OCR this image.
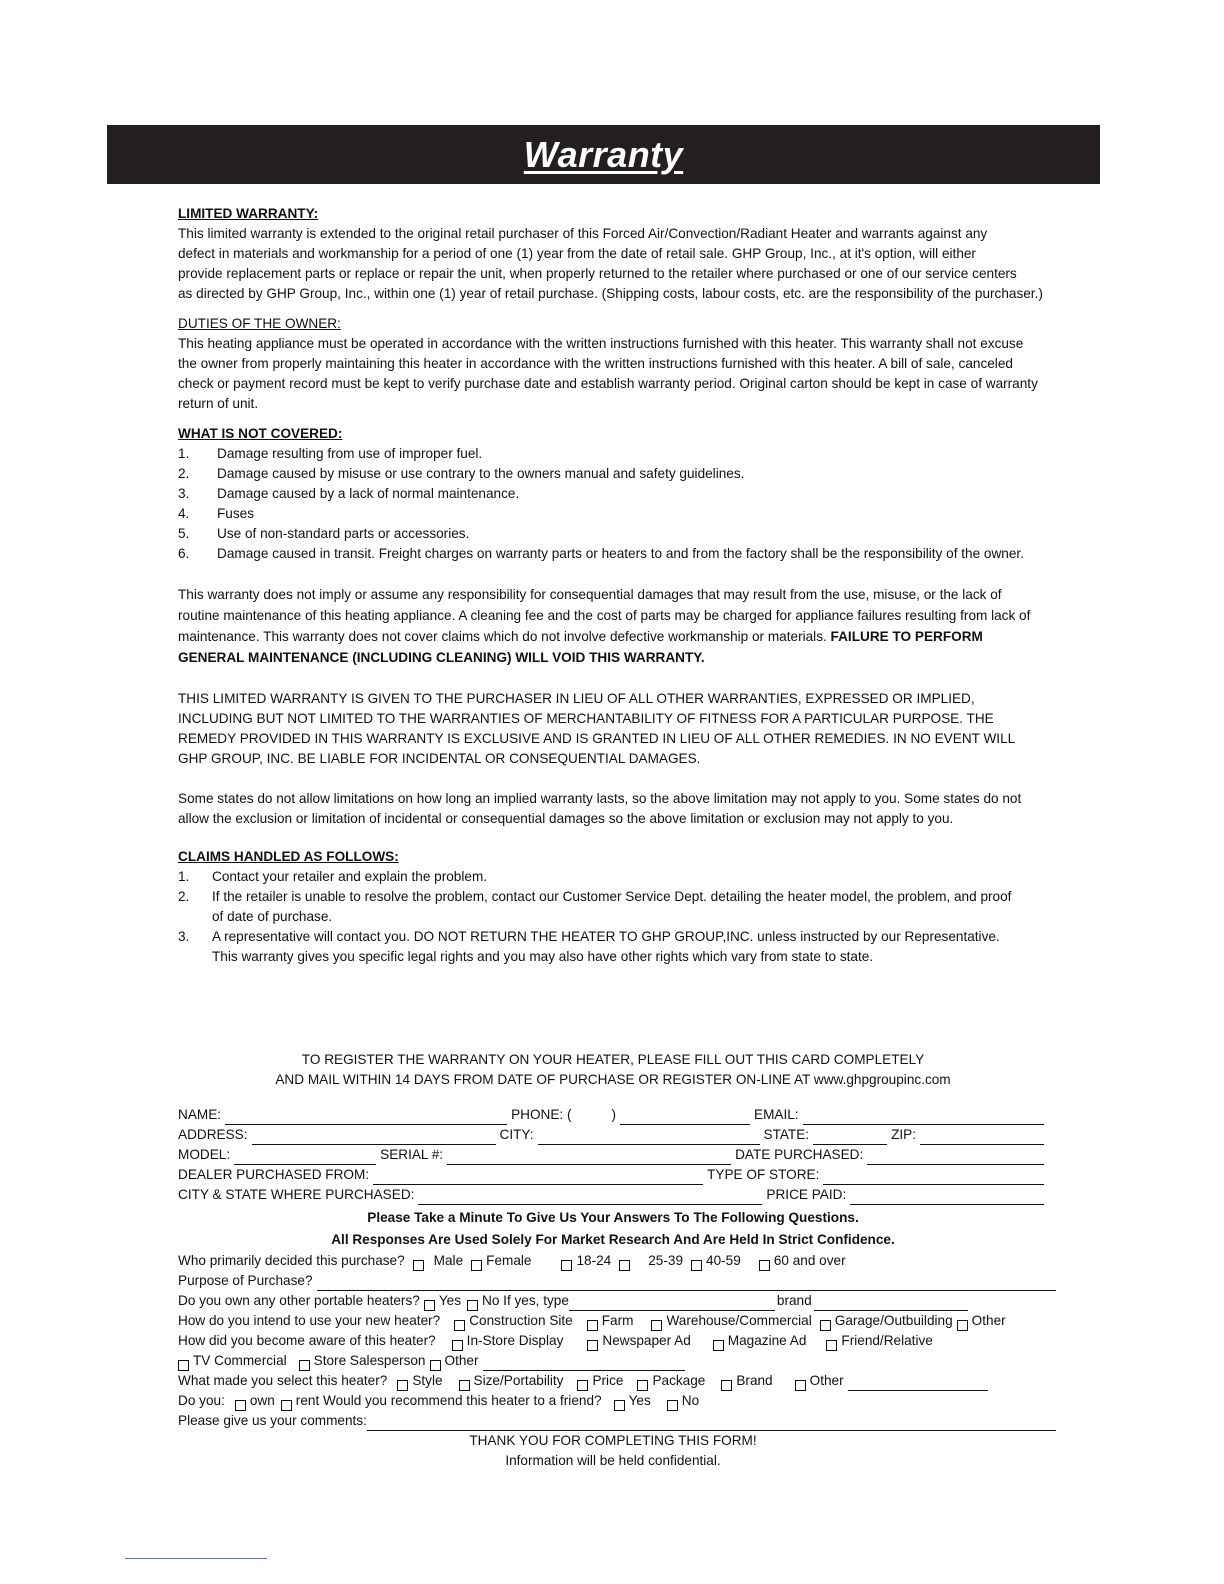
Warranty

LIMITED WARRANTY:

This limited warranty is extended to the original retail purchaser of this Forced Air/Convection/Radiant Heater and warrants against any

defect in materials and workmanship for a period of one (1) year from the date of retail sale. GHP Group, Inc., at it's option, will either

provide replacement parts or replace or repair the unit, when properly returned to the retailer where purchased or one of our service centers

as directed by GHP Group, Inc., within one (1) year of retail purchase. (Shipping costs, labour costs, etc. are the responsibility of the purchaser.)

DUTIES OF THE OWNER:

This heating appliance must be operated in accordance with the written instructions furnished with this heater. This warranty shall not excuse

the owner from properly maintaining this heater in accordance with the written instructions furnished with this heater. A bill of sale, canceled

check or payment record must be kept to verify purchase date and establish warranty period. Original carton should be kept in case of warranty

return of unit.

WHAT IS NOT COVERED:

1. Damage resulting from use of improper fuel.
2. Damage caused by misuse or use contrary to the owners manual and safety guidelines.
3. Damage caused by a lack of normal maintenance.
4. Fuses
5. Use of non-standard parts or accessories.
6. Damage caused in transit. Freight charges on warranty parts or heaters to and from the factory shall be the responsibility of the owner.

This warranty does not imply or assume any responsibility for consequential damages that may result from the use, misuse, or the lack of

routine maintenance of this heating appliance. A cleaning fee and the cost of parts may be charged for appliance failures resulting from lack of

maintenance. This warranty does not cover claims which do not involve defective workmanship or materials. FAILURE TO PERFORM

GENERAL MAINTENANCE (INCLUDING CLEANING) WILL VOID THIS WARRANTY.

THIS LIMITED WARRANTY IS GIVEN TO THE PURCHASER IN LIEU OF ALL OTHER WARRANTIES, EXPRESSED OR IMPLIED,

INCLUDING BUT NOT LIMITED TO THE WARRANTIES OF MERCHANTABILITY OF FITNESS FOR A PARTICULAR PURPOSE. THE

REMEDY PROVIDED IN THIS WARRANTY IS EXCLUSIVE AND IS GRANTED IN LIEU OF ALL OTHER REMEDIES. IN NO EVENT WILL

GHP GROUP, INC. BE LIABLE FOR INCIDENTAL OR CONSEQUENTIAL DAMAGES.

Some states do not allow limitations on how long an implied warranty lasts, so the above limitation may not apply to you. Some states do not

allow the exclusion or limitation of incidental or consequential damages so the above limitation or exclusion may not apply to you.

CLAIMS HANDLED AS FOLLOWS:

1. Contact your retailer and explain the problem.
2. If the retailer is unable to resolve the problem, contact our Customer Service Dept. detailing the heater model, the problem, and proof of date of purchase.
3. A representative will contact you. DO NOT RETURN THE HEATER TO GHP GROUP,INC. unless instructed by our Representative. This warranty gives you specific legal rights and you may also have other rights which vary from state to state.
TO REGISTER THE WARRANTY ON YOUR HEATER, PLEASE FILL OUT THIS CARD COMPLETELY
AND MAIL WITHIN 14 DAYS FROM DATE OF PURCHASE OR REGISTER ON-LINE AT www.ghpgroupinc.com
NAME:	PHONE: (	)	EMAIL:
ADDRESS:	CITY:	STATE:	ZIP:
MODEL:	SERIAL #:	DATE PURCHASED:
DEALER PURCHASED FROM:	TYPE OF STORE:
CITY & STATE WHERE PURCHASED:	PRICE PAID:
Please Take a Minute To Give Us Your Answers To The Following Questions.
All Responses Are Used Solely For Market Research And Are Held In Strict Confidence.
Who primarily decided this purchase? Male Female	18-24	25-39 40-59 60 and over
Purpose of Purchase?
Do you own any other portable heaters? Yes No If yes, type	brand
How do you intend to use your new heater? Construction Site Farm Warehouse/Commercial Garage/Outbuilding Other
How did you become aware of this heater? In-Store Display	Newspaper Ad	Magazine Ad	Friend/Relative
TV Commercial Store Salesperson Other
What made you select this heater? Style Size/Portability Price Package Brand	Other
Do you: own rent Would you recommend this heater to a friend? Yes No
Please give us your comments:
THANK YOU FOR COMPLETING THIS FORM!
Information will be held confidential.
